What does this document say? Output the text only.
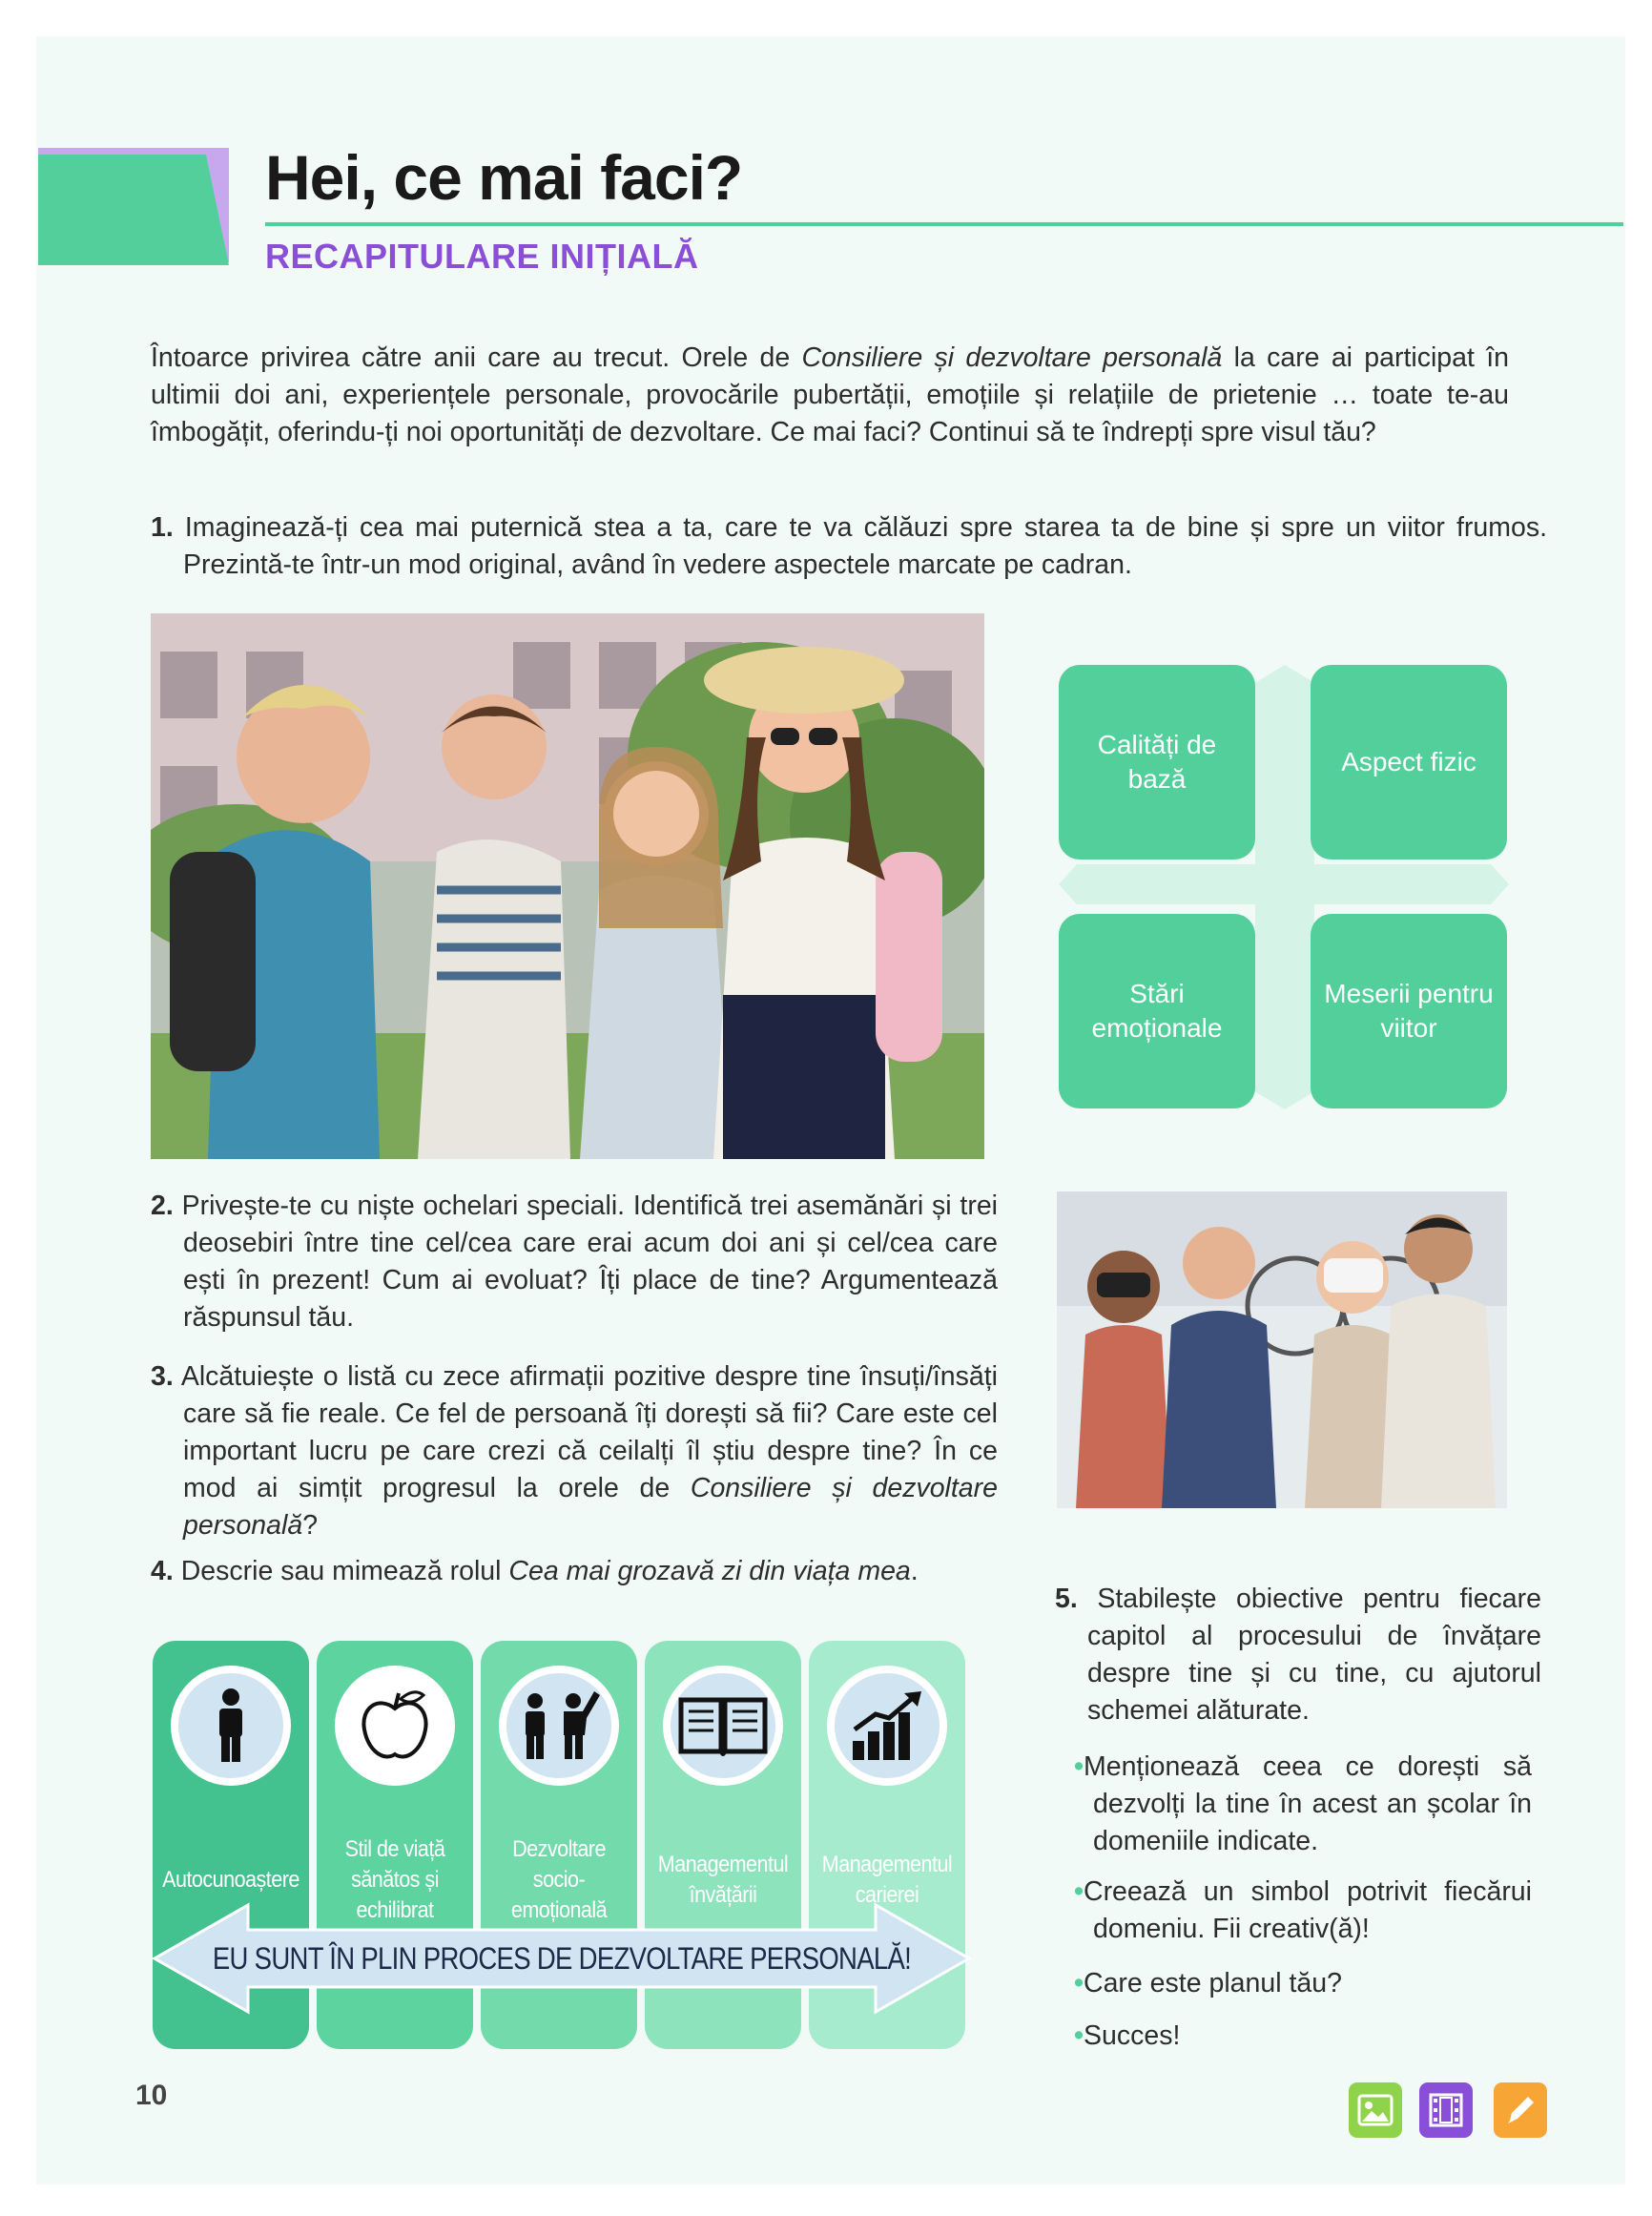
Hei, ce mai faci?
RECAPITULARE INIȚIALĂ
Întoarce privirea către anii care au trecut. Orele de Consiliere și dezvoltare personală la care ai participat în ultimii doi ani, experiențele personale, provocările pubertății, emoțiile și relațiile de prietenie … toate te-au îmbogățit, oferindu-ți noi oportunități de dezvoltare. Ce mai faci? Continui să te îndrepți spre visul tău?
1. Imaginează-ți cea mai puternică stea a ta, care te va călăuzi spre starea ta de bine și spre un viitor frumos. Prezintă-te într-un mod original, având în vedere aspectele marcate pe cadran.
Calități de bază
Aspect fizic
Stări emoționale
Meserii pentru viitor
2. Privește-te cu niște ochelari speciali. Identifică trei asemănări și trei deosebiri între tine cel/cea care erai acum doi ani și cel/cea care ești în prezent! Cum ai evoluat? Îți place de tine? Argumentează răspunsul tău.
3. Alcătuiește o listă cu zece afirmații pozitive despre tine însuți/însăți care să fie reale. Ce fel de persoană îți dorești să fii? Care este cel important lucru pe care crezi că ceilalți îl știu despre tine? În ce mod ai simțit progresul la orele de Consiliere și dezvoltare personală?
4. Descrie sau mimează rolul Cea mai grozavă zi din viața mea.
Autocunoaștere
Stil de viață sănătos și echilibrat
Dezvoltare socio-emoțională
Managementul învățării
Managementul carierei
EU SUNT ÎN PLIN PROCES DE DEZVOLTARE PERSONALĂ!
5. Stabilește obiective pentru fiecare capitol al procesului de învățare despre tine și cu tine, cu ajutorul schemei alăturate.
•Menționează ceea ce dorești să dezvolți la tine în acest an școlar în domeniile indicate.
•Creează un simbol potrivit fiecărui domeniu. Fii creativ(ă)!
•Care este planul tău?
•Succes!
10
